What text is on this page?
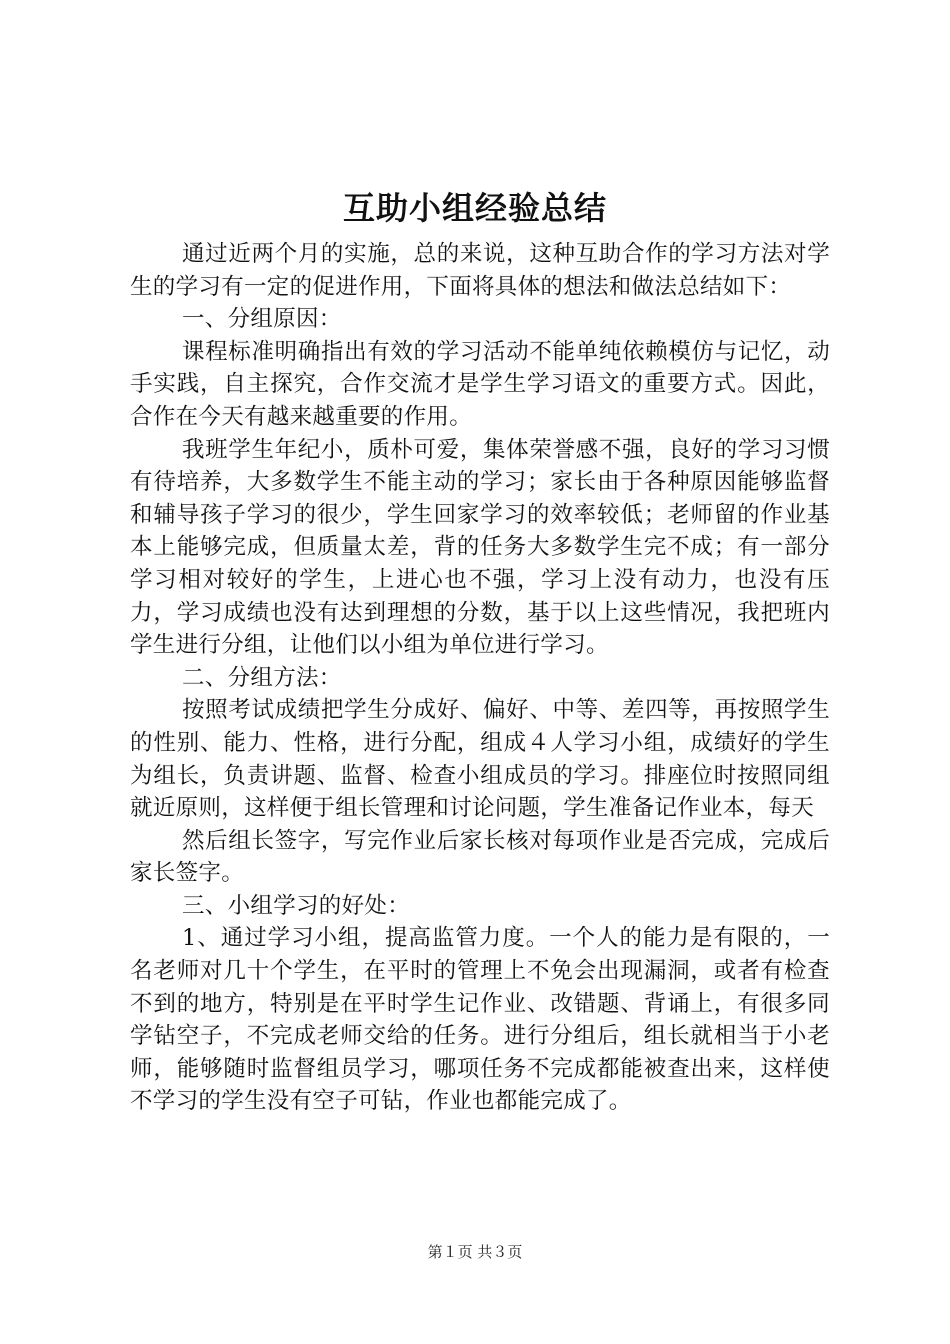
互助小组经验总结

通过近两个月的实施，总的来说，这种互助合作的学习方法对学生的学习有一定的促进作用，下面将具体的想法和做法总结如下：

一、分组原因：

课程标准明确指出有效的学习活动不能单纯依赖模仿与记忆，动手实践，自主探究，合作交流才是学生学习语文的重要方式。因此，合作在今天有越来越重要的作用。

我班学生年纪小，质朴可爱，集体荣誉感不强，良好的学习习惯有待培养，大多数学生不能主动的学习；家长由于各种原因能够监督和辅导孩子学习的很少，学生回家学习的效率较低；老师留的作业基本上能够完成，但质量太差，背的任务大多数学生完不成；有一部分学习相对较好的学生，上进心也不强，学习上没有动力，也没有压力，学习成绩也没有达到理想的分数，基于以上这些情况，我把班内学生进行分组，让他们以小组为单位进行学习。

二、分组方法：

按照考试成绩把学生分成好、偏好、中等、差四等，再按照学生的性别、能力、性格，进行分配，组成４人学习小组，成绩好的学生为组长，负责讲题、监督、检查小组成员的学习。排座位时按照同组就近原则，这样便于组长管理和讨论问题，学生准备记作业本，每天

然后组长签字，写完作业后家长核对每项作业是否完成，完成后家长签字。

三、小组学习的好处：

1、通过学习小组，提高监管力度。一个人的能力是有限的，一名老师对几十个学生，在平时的管理上不免会出现漏洞，或者有检查不到的地方，特别是在平时学生记作业、改错题、背诵上，有很多同学钻空子，不完成老师交给的任务。进行分组后，组长就相当于小老师，能够随时监督组员学习，哪项任务不完成都能被查出来，这样使不学习的学生没有空子可钻，作业也都能完成了。

第１页 共３页
